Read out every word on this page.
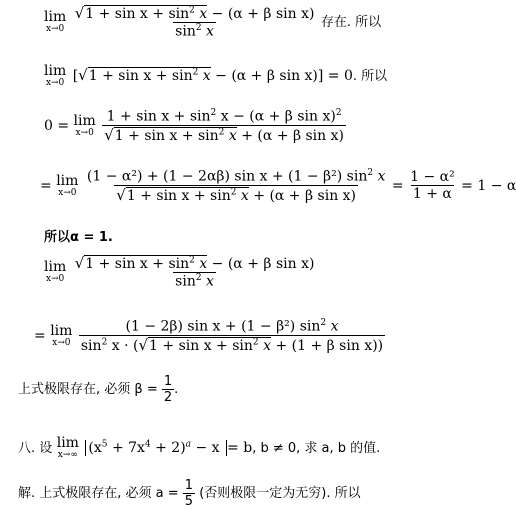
lim
x→0
$\frac{√1 + \sin x + \sin^2 x - (\alpha + \beta \sin x)}{\sin^2 x}$ 存在. 所以
lim
x→0 [$√1 + \sin x + \sin^2 x - (\alpha + \beta$ sin x)] = 0. 所以
0 = lim
x→0
$\frac{1 + \sin x + \sin^2 x - (\alpha + \beta \sin x)^2}{√1 + \sin x + \sin^2 x + (\alpha + \beta \sin x)}$
= lim
x→0
$\frac{(1 - \alpha^2) + (1 - 2\alpha\beta) \sin x + (1 - \beta^2) \sin^2 x}{√1 + \sin x + \sin^2 x + (\alpha + \beta \sin x)} = \frac{\text{1 − α²}}{1 + \alpha} = 1 - \alpha$
所以α = 1.
lim
x→0
$\frac{√1 + \sin x + \sin^2 x - (\alpha + \beta \sin x)}{\sin^2 x}$
= lim
x→0
$\frac{(1 - 2\beta) \sin x + (1 - \beta^2) \sin^2 x}{\sin^2 x \cdot (√1 + \sin x + \sin^2 x + (1 + \beta \sin x))}$
上式极限存在, 必须 $\beta = \frac{1}{2}$ .
八. 设 lim
x→∞ $(x^5 + 7x^4 + 2)^a - x = b$, b ≠ 0, 求 a, b 的值.
解. 上式极限存在, 必须 $a = \frac{1}{5}$ (否则极限一定为无穷). 所以
